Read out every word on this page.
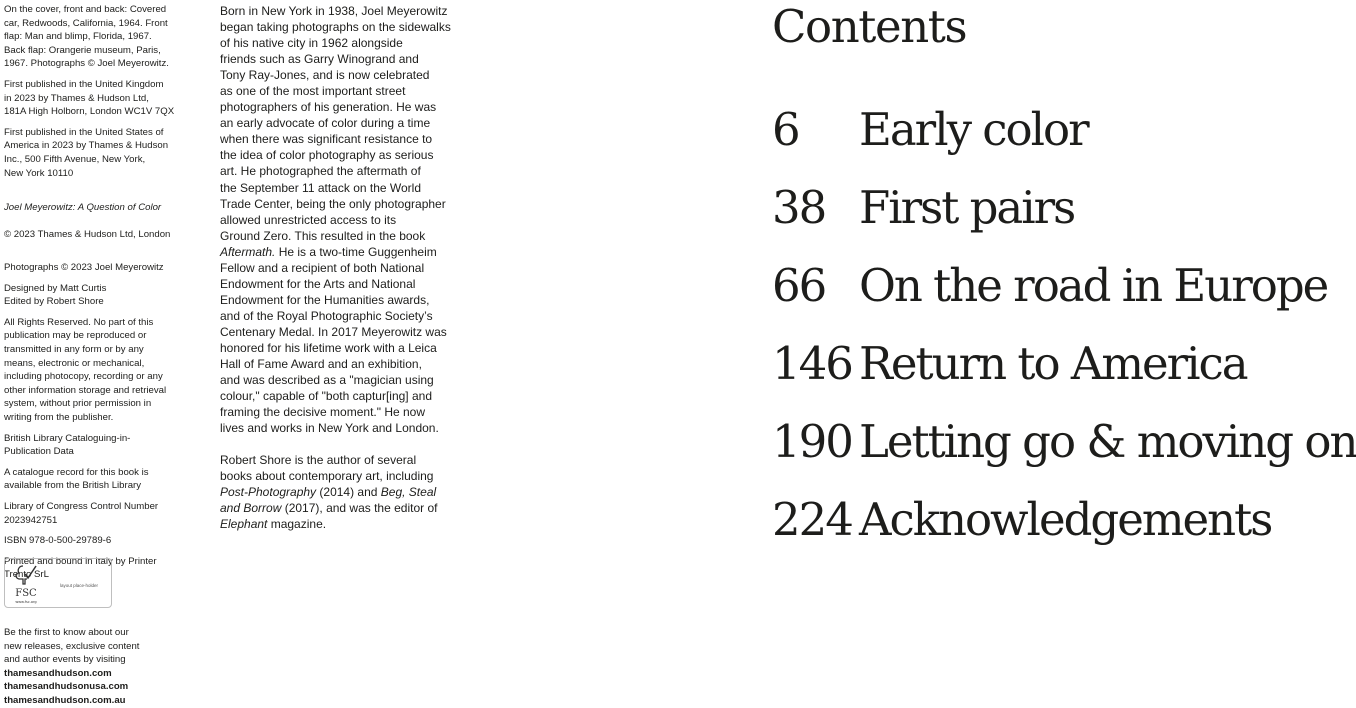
On the cover, front and back: Covered
car, Redwoods, California, 1964. Front
flap: Man and blimp, Florida, 1967.
Back flap: Orangerie museum, Paris,
1967. Photographs © Joel Meyerowitz.
First published in the United Kingdom
in 2023 by Thames & Hudson Ltd,
181A High Holborn, London WC1V 7QX
First published in the United States of
America in 2023 by Thames & Hudson
Inc., 500 Fifth Avenue, New York,
New York 10110

Joel Meyerowitz: A Question of Color

© 2023 Thames & Hudson Ltd, London

Photographs © 2023 Joel Meyerowitz
Designed by Matt Curtis
Edited by Robert Shore
All Rights Reserved. No part of this
publication may be reproduced or
transmitted in any form or by any
means, electronic or mechanical,
including photocopy, recording or any
other information storage and retrieval
system, without prior permission in
writing from the publisher.
British Library Cataloguing-in-
Publication Data
A catalogue record for this book is
available from the British Library
Library of Congress Control Number
2023942751
ISBN 978-0-500-29789-6
Printed and bound in Italy by Printer
Trento SrL
FSC
www.fsc.org
layout place-holder
Be the first to know about our
new releases, exclusive content
and author events by visiting
thamesandhudson.com
thamesandhudsonusa.com
thamesandhudson.com.au
Born in New York in 1938, Joel Meyerowitz
began taking photographs on the sidewalks
of his native city in 1962 alongside
friends such as Garry Winogrand and
Tony Ray-Jones, and is now celebrated
as one of the most important street
photographers of his generation. He was
an early advocate of color during a time
when there was significant resistance to
the idea of color photography as serious
art. He photographed the aftermath of
the September 11 attack on the World
Trade Center, being the only photographer
allowed unrestricted access to its
Ground Zero. This resulted in the book
Aftermath. He is a two-time Guggenheim
Fellow and a recipient of both National
Endowment for the Arts and National
Endowment for the Humanities awards,
and of the Royal Photographic Society’s
Centenary Medal. In 2017 Meyerowitz was
honored for his lifetime work with a Leica
Hall of Fame Award and an exhibition,
and was described as a "magician using
colour," capable of "both captur[ing] and
framing the decisive moment." He now
lives and works in New York and London.
Robert Shore is the author of several
books about contemporary art, including
Post-Photography (2014) and Beg, Steal
and Borrow (2017), and was the editor of
Elephant magazine.
Contents
6 Early color
38 First pairs
66 On the road in Europe
146 Return to America
190 Letting go & moving on
224 Acknowledgements
